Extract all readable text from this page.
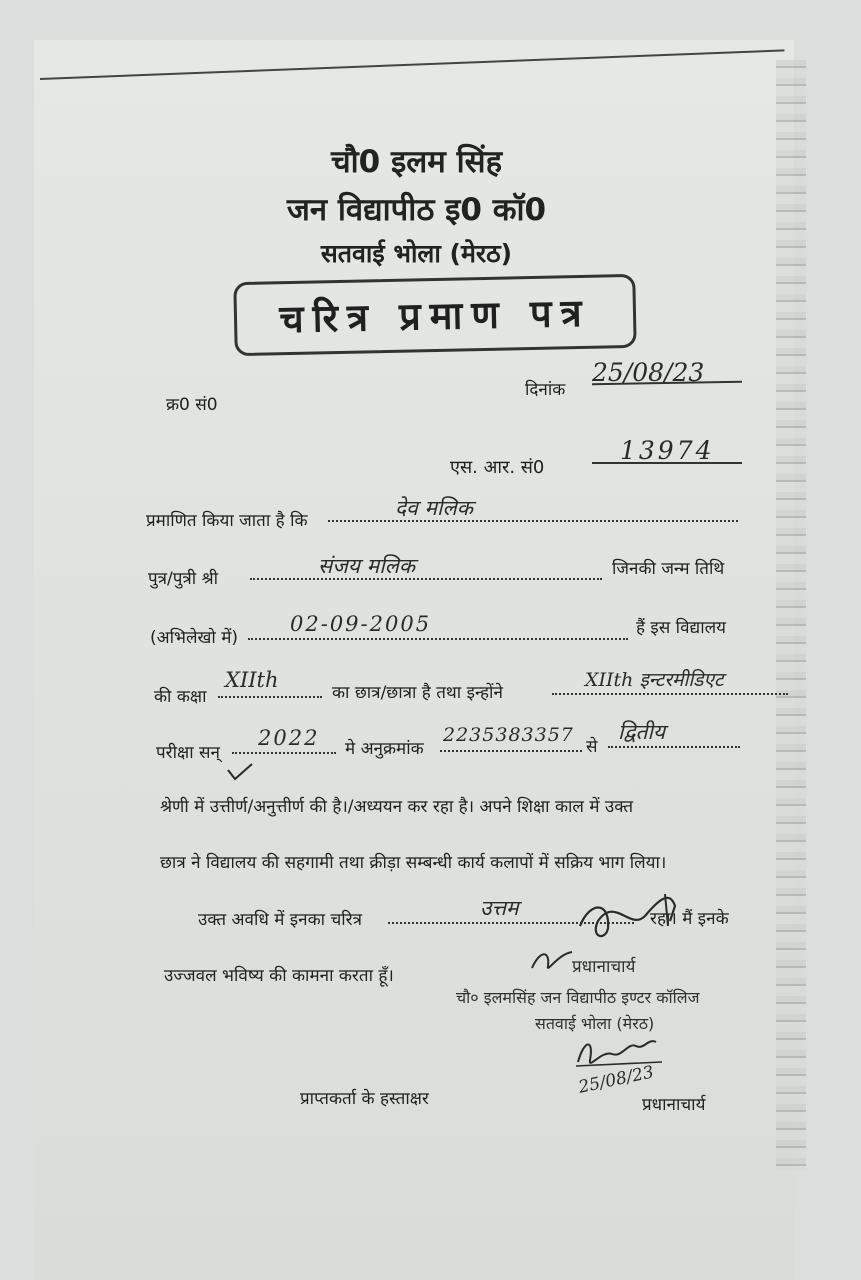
चौ0 इलम सिंह
जन विद्यापीठ इ0 कॉ0
सतवाई भोला (मेरठ)
चरित्र प्रमाण पत्र
क्र0 सं0
दिनांक
25/08/23
एस. आर. सं0
13974
प्रमाणित किया जाता है कि
देव मलिक
पुत्र/पुत्री श्री
संजय मलिक	जिनकी जन्म तिथि
(अभिलेखो में)
02-09-2005	हैं इस विद्यालय
की कक्षा
XIIth
का छात्र/छात्रा है तथा इन्होंने
XIIth इन्टरमीडिएट
परीक्षा सन्
2022 मे अनुक्रमांक
2235383357
से
द्वितीय
श्रेणी में उत्तीर्ण/अनुत्तीर्ण की है।/अध्ययन कर रहा है। अपने शिक्षा काल में उक्त
छात्र ने विद्यालय की सहगामी तथा क्रीड़ा सम्बन्धी कार्य कलापों में सक्रिय भाग लिया।
उक्त अवधि में इनका चरित्र	उत्तम	रहा। मैं इनके
उज्जवल भविष्य की कामना करता हूँ।	प्रधानाचार्य
चौ० इलमसिंह जन विद्यापीठ इण्टर कॉलिज
सतवाई भोला (मेरठ)
25/08/23
प्राप्तकर्ता के हस्ताक्षर	प्रधानाचार्य
